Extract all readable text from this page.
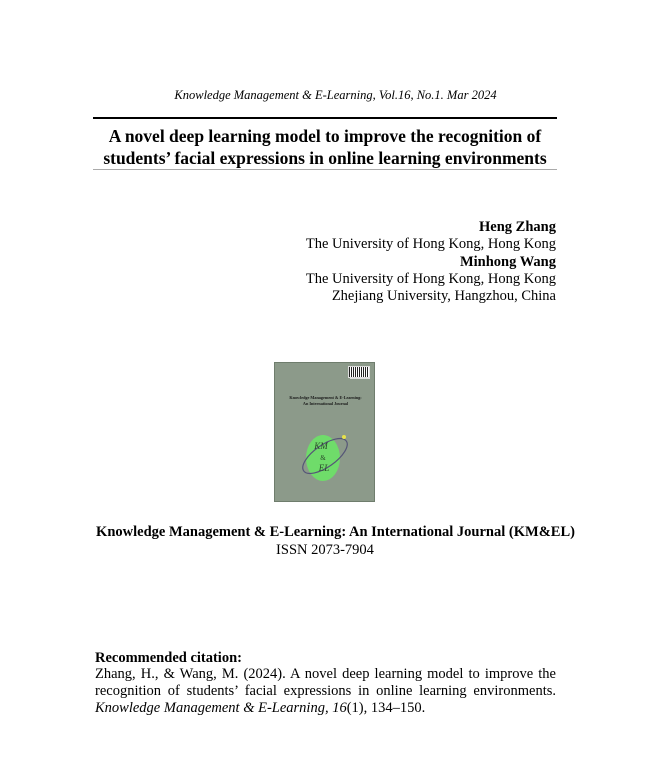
Knowledge Management & E-Learning, Vol.16, No.1. Mar 2024
A novel deep learning model to improve the recognition of
students’ facial expressions in online learning environments
Heng Zhang
The University of Hong Kong, Hong Kong
Minhong Wang
The University of Hong Kong, Hong Kong
Zhejiang University, Hangzhou, China
Knowledge Management & E-Learning:
An International Journal
KM
&
EL
Knowledge Management & E-Learning: An International Journal (KM&EL)
ISSN 2073-7904
Recommended citation:
Zhang, H., & Wang, M. (2024). A novel deep learning model to improve the recognition of students’ facial expressions in online learning environments. Knowledge Management & E-Learning, 16(1), 134–150.
